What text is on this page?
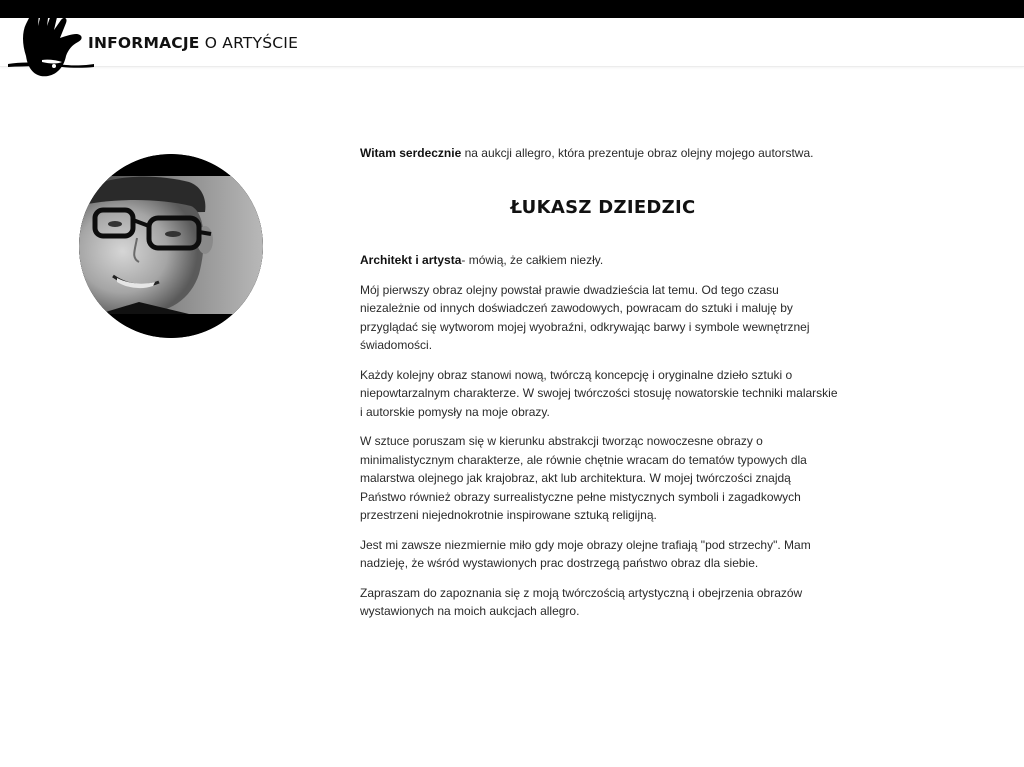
INFORMACJE O ARTYŚCIE

Witam serdecznie na aukcji allegro, która prezentuje obraz olejny mojego autorstwa.

ŁUKASZ DZIEDZIC

Architekt i artysta- mówią, że całkiem niezły.

Mój pierwszy obraz olejny powstał prawie dwadzieścia lat temu. Od tego czasu niezależnie od innych doświadczeń zawodowych, powracam do sztuki i maluję by przyglądać się wytworom mojej wyobraźni, odkrywając barwy i symbole wewnętrznej świadomości.

Każdy kolejny obraz stanowi nową, twórczą koncepcję i oryginalne dzieło sztuki o niepowtarzalnym charakterze. W swojej twórczości stosuję nowatorskie techniki malarskie i autorskie pomysły na moje obrazy.

W sztuce poruszam się w kierunku abstrakcji tworząc nowoczesne obrazy o minimalistycznym charakterze, ale równie chętnie wracam do tematów typowych dla malarstwa olejnego jak krajobraz, akt lub architektura. W mojej twórczości znajdą Państwo również obrazy surrealistyczne pełne mistycznych symboli i zagadkowych przestrzeni niejednokrotnie inspirowane sztuką religijną.

Jest mi zawsze niezmiernie miło gdy moje obrazy olejne trafiają "pod strzechy". Mam nadzieję, że wśród wystawionych prac dostrzegą państwo obraz dla siebie.

Zapraszam do zapoznania się z moją twórczością artystyczną i obejrzenia obrazów wystawionych na moich aukcjach allegro.
